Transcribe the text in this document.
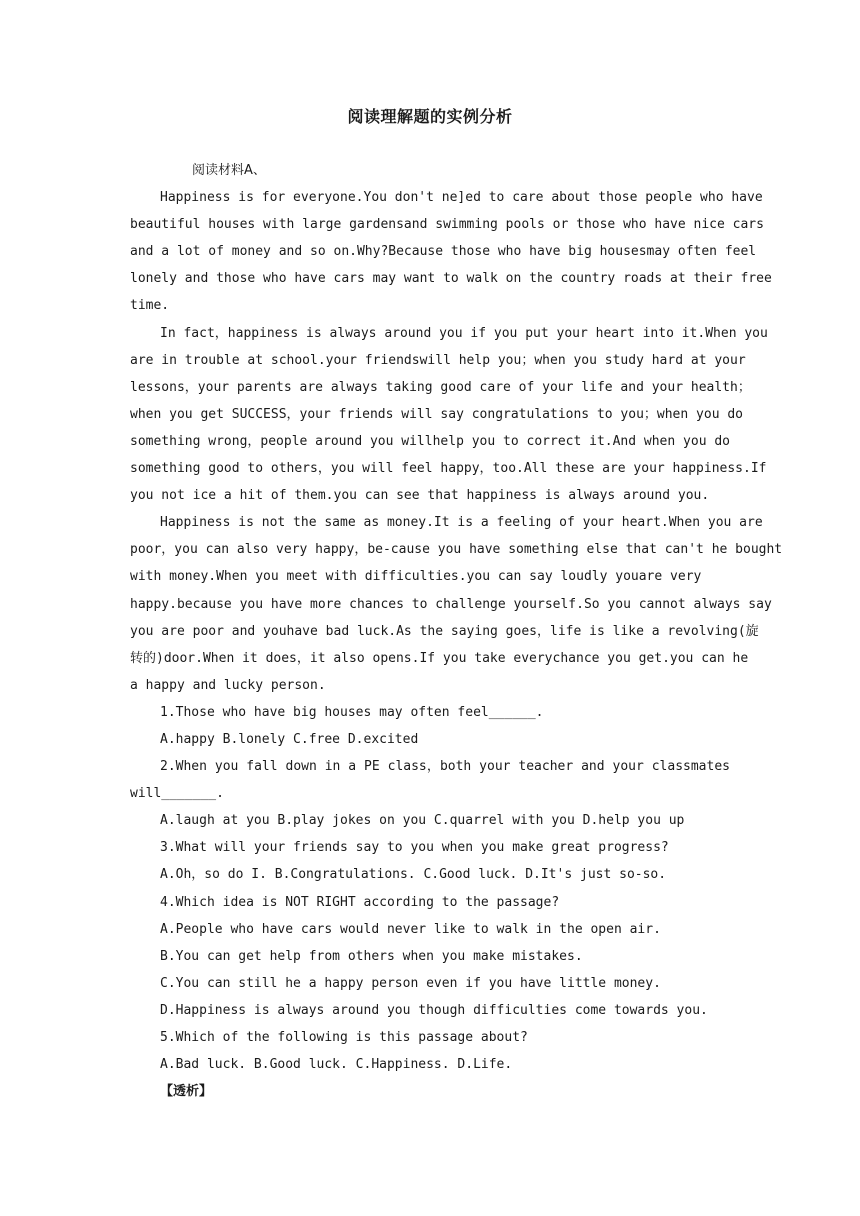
阅读理解题的实例分析
阅读材料A、
Happiness is for everyone.You don't ne]ed to care about those people who have
beautiful houses with large gardensand swimming pools or those who have nice cars
and a lot of money and so on.Why?Because those who have big housesmay often feel
lonely and those who have cars may want to walk on the country roads at their free
time.
In fact，happiness is always around you if you put your heart into it.When you
are in trouble at school.your friendswill help you；when you study hard at your
lessons，your parents are always taking good care of your life and your health；
when you get SUCCESS，your friends will say congratulations to you；when you do
something wrong，people around you willhelp you to correct it.And when you do
something good to others，you will feel happy，too.All these are your happiness.If
you not ice a hit of them.you can see that happiness is always around you.
Happiness is not the same as money.It is a feeling of your heart.When you are
poor，you can also very happy，be-cause you have something else that can't he bought
with money.When you meet with difficulties.you can say loudly youare very
happy.because you have more chances to challenge yourself.So you cannot always say
you are poor and youhave bad luck.As the saying goes，life is like a revolving(旋
转的)door.When it does，it also opens.If you take everychance you get.you can he
a happy and lucky person.
1.Those who have big houses may often feel______.
A.happy B.lonely C.free D.excited
2.When you fall down in a PE class，both your teacher and your classmates
will_______.
A.laugh at you B.play jokes on you C.quarrel with you D.help you up
3.What will your friends say to you when you make great progress?
A.Oh，so do I. B.Congratulations. C.Good luck. D.It's just so-so.
4.Which idea is NOT RIGHT according to the passage?
A.People who have cars would never like to walk in the open air.
B.You can get help from others when you make mistakes.
C.You can still he a happy person even if you have little money.
D.Happiness is always around you though difficulties come towards you.
5.Which of the following is this passage about?
A.Bad luck. B.Good luck. C.Happiness. D.Life.
【透析】
